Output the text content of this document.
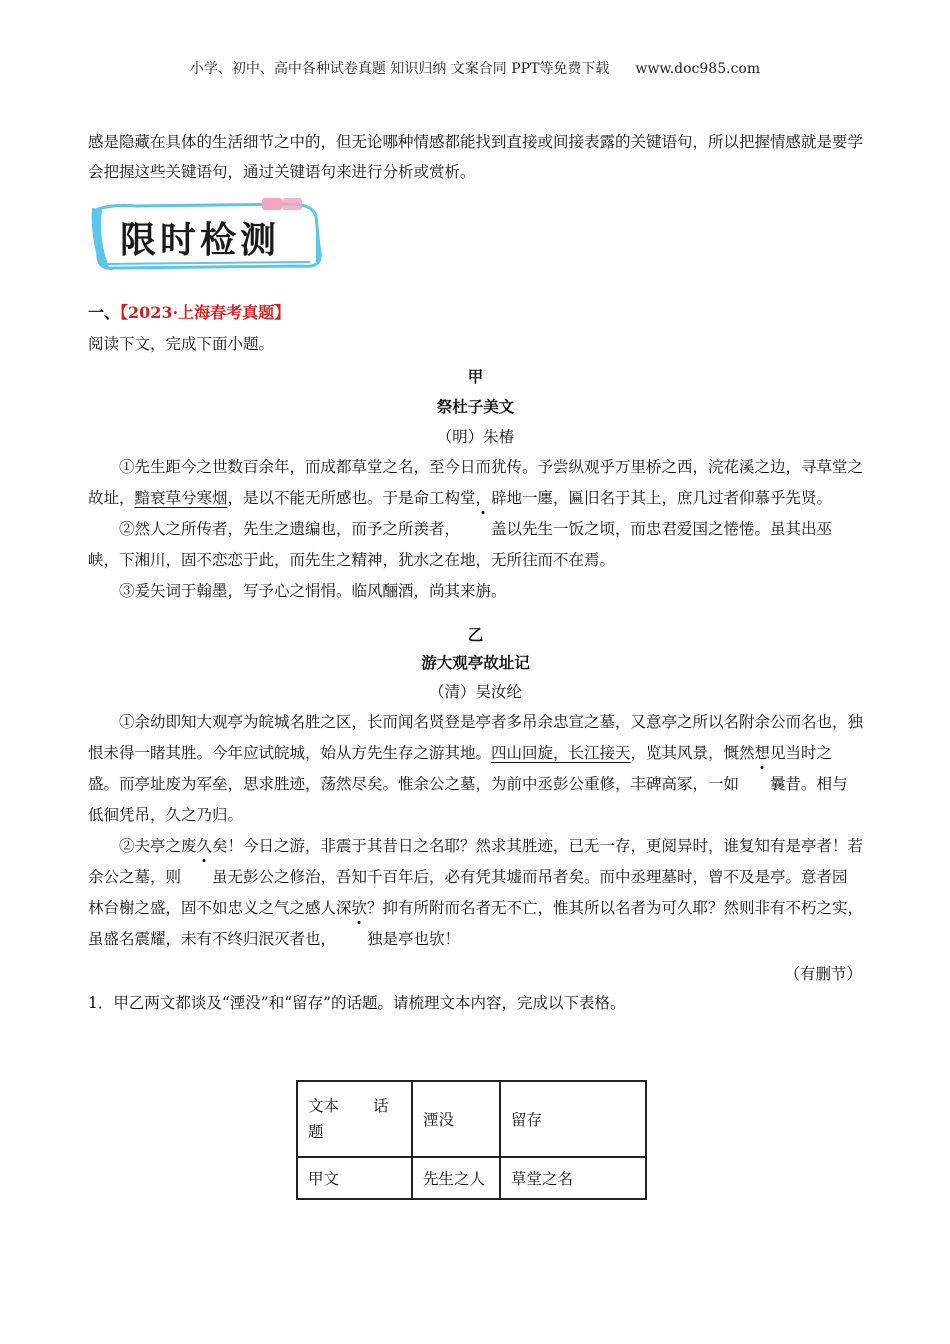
小学、初中、高中各种试卷真题 知识归纳 文案合同 PPT等免费下载 www.doc985.com
感是隐藏在具体的生活细节之中的，但无论哪种情感都能找到直接或间接表露的关键语句，所以把握情感就是要学会把握这些关键语句，通过关键语句来进行分析或赏析。
限时检测
一、【2023·上海春考真题】
阅读下文，完成下面小题。
甲
祭杜子美文
（明）朱椿

①先生距今之世数百余年，而成都草堂之名，至今日而犹传。予尝纵观乎万里桥之西，浣花溪之边，寻草堂之故址，黯衰草兮寒烟，是以不能无所感也。于是命工构堂，辟地一廛，匾旧名于其上，庶几过者仰慕乎先贤。

②然人之所传者，先生之遗编也，而予之所羡者， 盖以先生一饭之顷，而忠君爱国之惓惓。虽其出巫峡，下湘川，固不恋恋于此，而先生之精神，犹水之在地，无所往而不在焉。

③爰矢词于翰墨，写予心之悁悁。临风酾酒，尚其来旃。

乙
游大观亭故址记
（清）吴汝纶

①余幼即知大观亭为皖城名胜之区，长而闻名贤登是亭者多吊余忠宣之墓，又意亭之所以名附余公而名也，独恨未得一睹其胜。今年应试皖城，始从方先生存之游其地。四山回旋，长江接天，览其风景，慨然想见当时之盛。而亭址废为军垒，思求胜迹，荡然尽矣。惟余公之墓，为前中丞彭公重修，丰碑高冢，一如 曩昔。相与低徊凭吊，久之乃归。

②夫亭之废久矣！今日之游，非震于其昔日之名耶？然求其胜迹，已无一存，更阅异时，谁复知有是亭者！若余公之墓，则 虽无彭公之修治，吾知千百年后，必有凭其墟而吊者矣。而中丞理墓时，曾不及是亭。意者园林台榭之盛，固不如忠义之气之感人深欤？抑有所附而名者无不亡，惟其所以名者为可久耶？然则非有不朽之实，虽盛名震耀，未有不终归泯灭者也， 独是亭也欤！

（有删节）
1．甲乙两文都谈及“湮没”和“留存”的话题。请梳理文本内容，完成以下表格。
文本 话
题	湮没	留存
甲文	先生之人	草堂之名
